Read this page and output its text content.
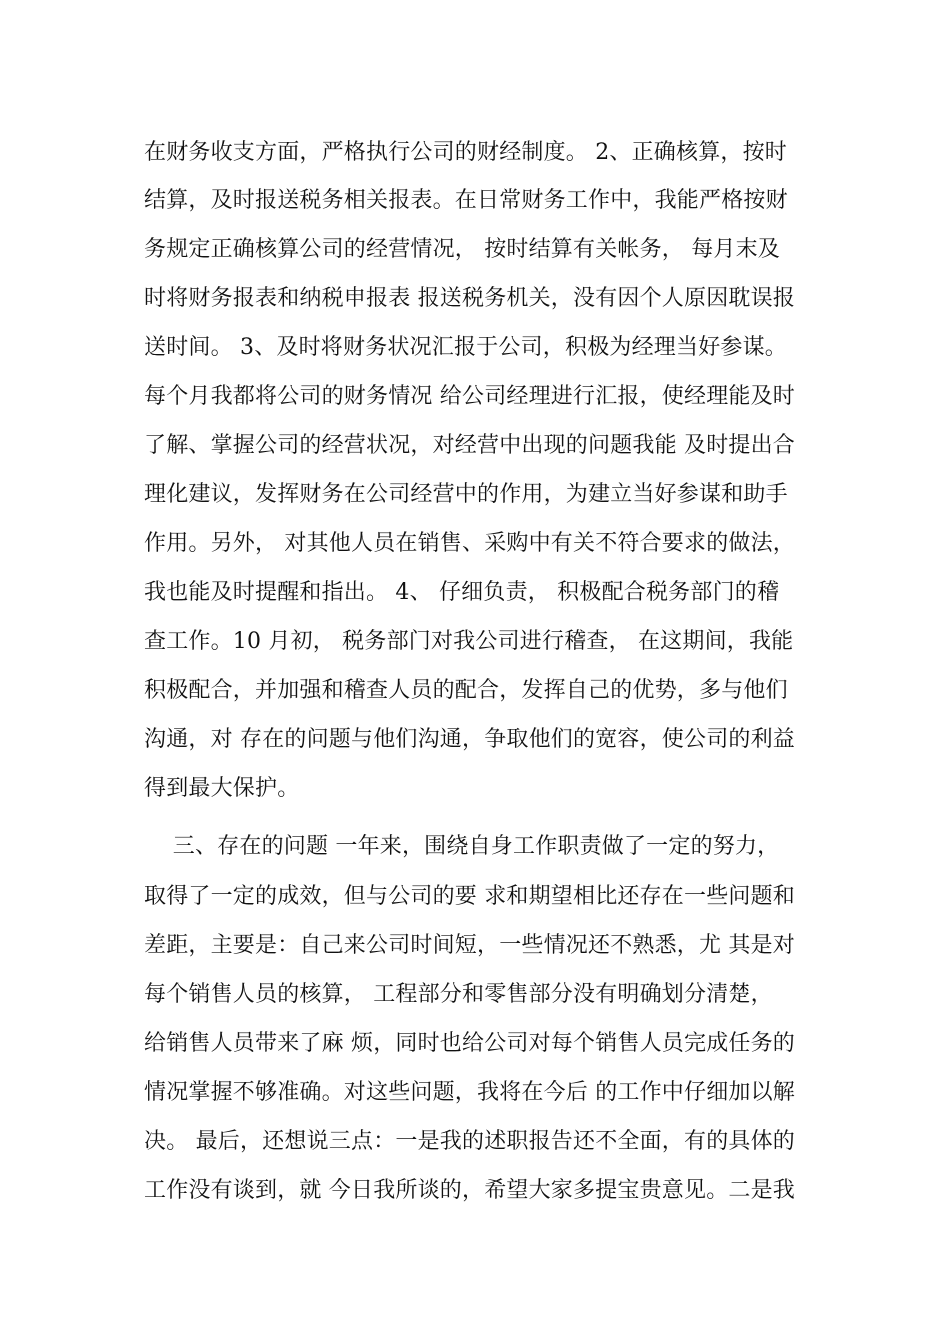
在财务收支方面，严格执行公司的财经制度。 2、正确核算，按时
结算，及时报送税务相关报表。在日常财务工作中，我能严格按财
务规定正确核算公司的经营情况， 按时结算有关帐务， 每月末及
时将财务报表和纳税申报表 报送税务机关，没有因个人原因耽误报
送时间。 3、及时将财务状况汇报于公司，积极为经理当好参谋。
每个月我都将公司的财务情况 给公司经理进行汇报，使经理能及时
了解、掌握公司的经营状况，对经营中出现的问题我能 及时提出合
理化建议，发挥财务在公司经营中的作用，为建立当好参谋和助手
作用。另外， 对其他人员在销售、采购中有关不符合要求的做法，
我也能及时提醒和指出。 4、 仔细负责， 积极配合税务部门的稽
查工作。10 月初， 税务部门对我公司进行稽查， 在这期间，我能
积极配合，并加强和稽查人员的配合，发挥自己的优势，多与他们
沟通，对 存在的问题与他们沟通，争取他们的宽容，使公司的利益
得到最大保护。
三、存在的问题 一年来，围绕自身工作职责做了一定的努力，
取得了一定的成效，但与公司的要 求和期望相比还存在一些问题和
差距，主要是：自己来公司时间短，一些情况还不熟悉，尤 其是对
每个销售人员的核算， 工程部分和零售部分没有明确划分清楚，
给销售人员带来了麻 烦，同时也给公司对每个销售人员完成任务的
情况掌握不够准确。对这些问题，我将在今后 的工作中仔细加以解
决。 最后，还想说三点：一是我的述职报告还不全面，有的具体的
工作没有谈到，就 今日我所谈的，希望大家多提宝贵意见。二是我
